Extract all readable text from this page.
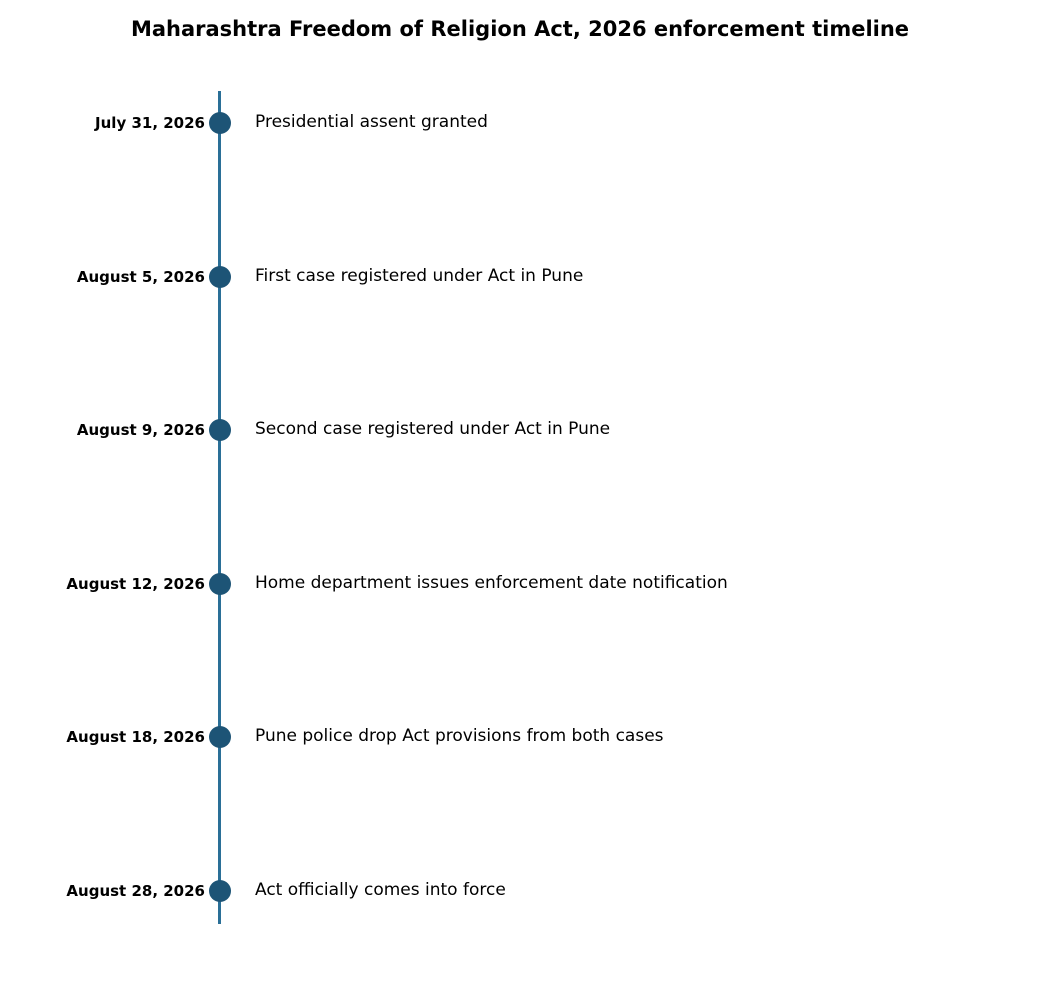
Maharashtra Freedom of Religion Act, 2026 enforcement timeline
July 31, 2026	Presidential assent granted
August 5, 2026	First case registered under Act in Pune
August 9, 2026	Second case registered under Act in Pune
August 12, 2026	Home department issues enforcement date notification
August 18, 2026	Pune police drop Act provisions from both cases
August 28, 2026	Act officially comes into force
